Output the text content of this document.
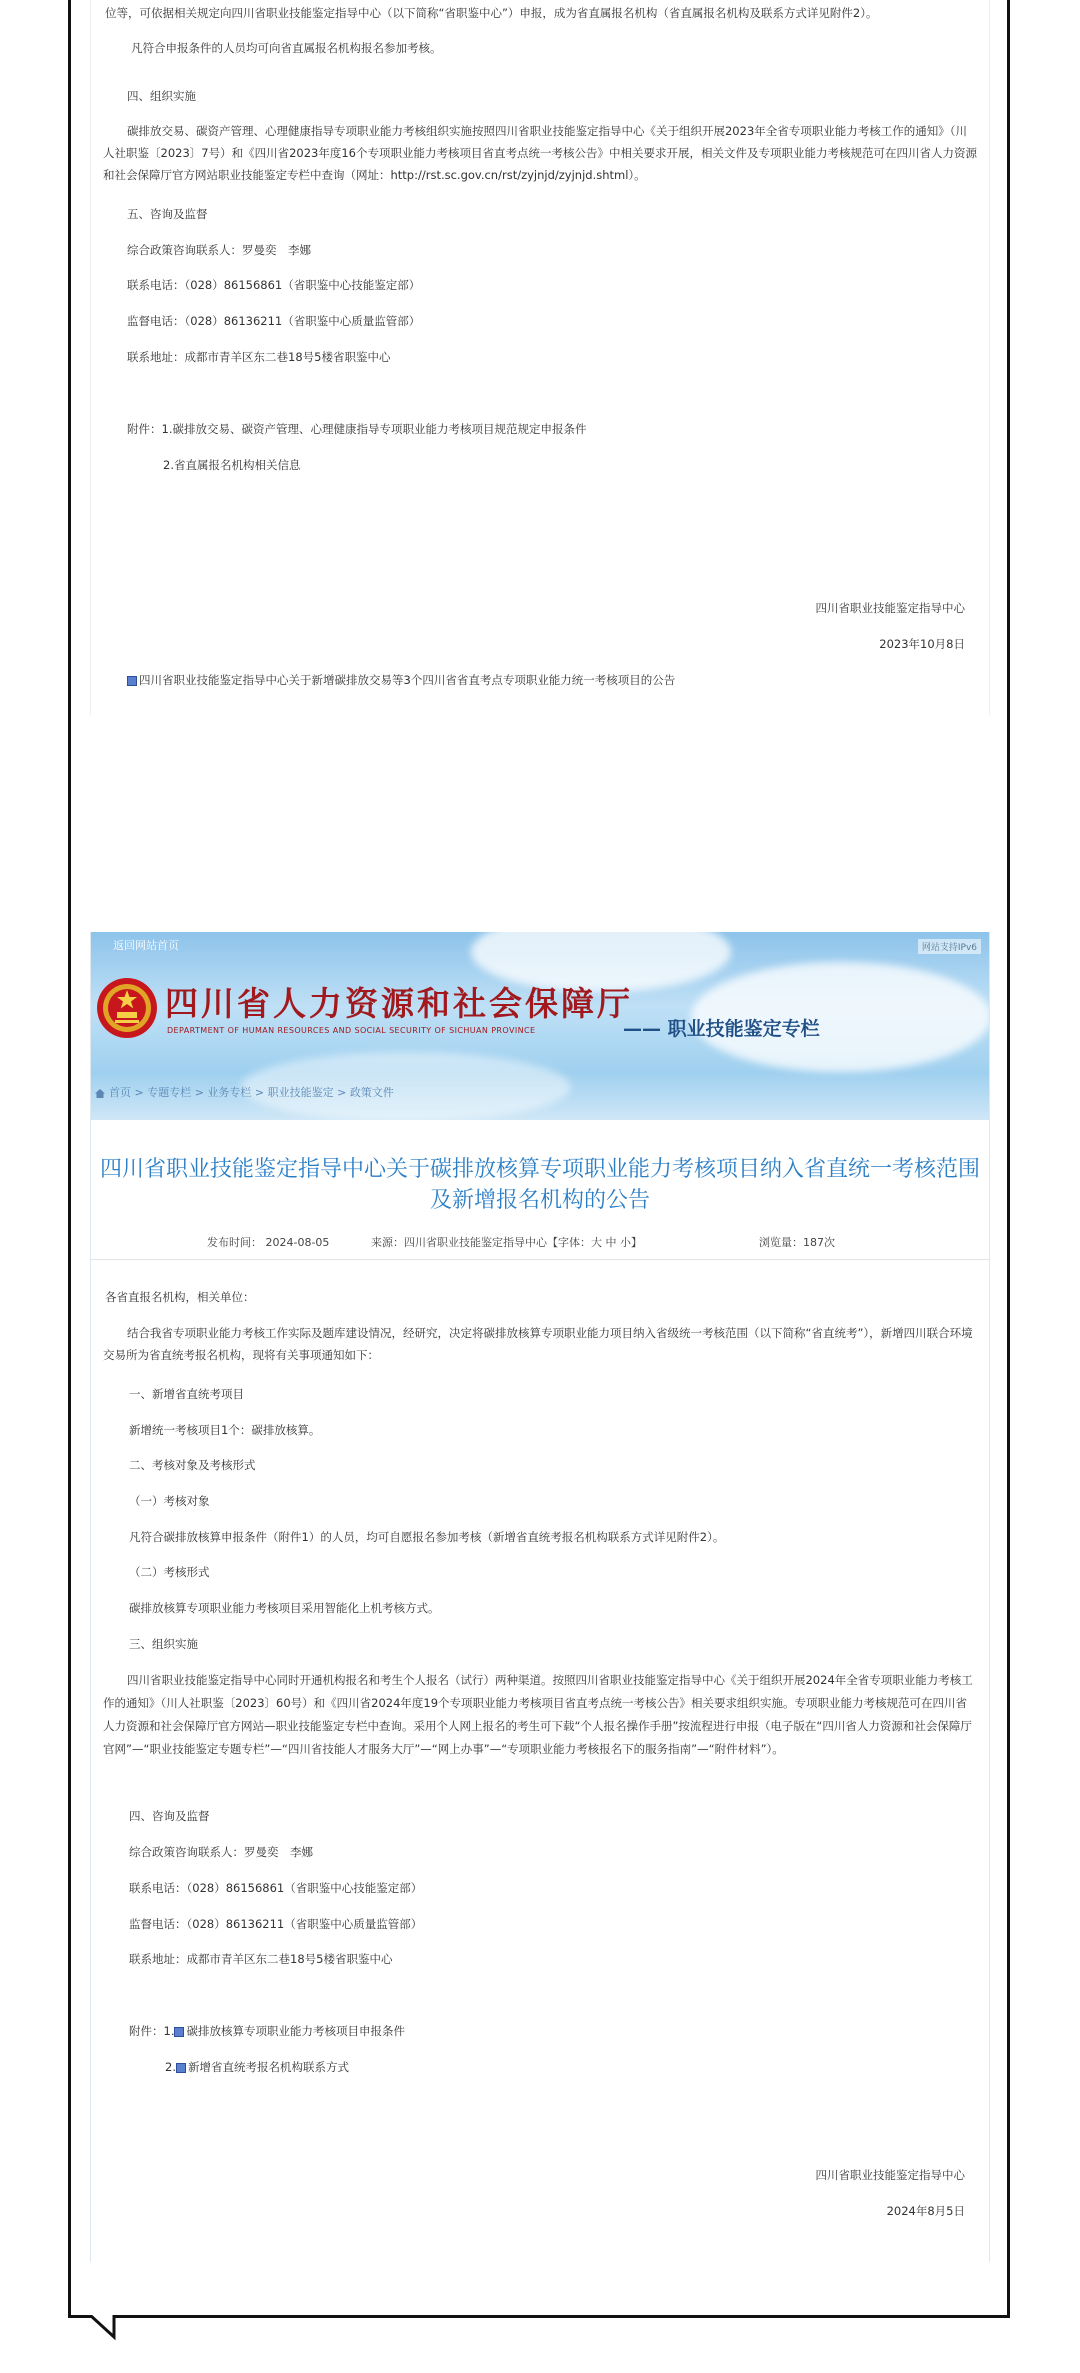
位等，可依据相关规定向四川省职业技能鉴定指导中心（以下简称“省职鉴中心”）申报，成为省直属报名机构（省直属报名机构及联系方式详见附件2）。
凡符合申报条件的人员均可向省直属报名机构报名参加考核。
四、组织实施
碳排放交易、碳资产管理、心理健康指导专项职业能力考核组织实施按照四川省职业技能鉴定指导中心《关于组织开展2023年全省专项职业能力考核工作的通知》（川人社职鉴〔2023〕7号）和《四川省2023年度16个专项职业能力考核项目省直考点统一考核公告》中相关要求开展，相关文件及专项职业能力考核规范可在四川省人力资源和社会保障厅官方网站职业技能鉴定专栏中查询（网址：http://rst.sc.gov.cn/rst/zyjnjd/zyjnjd.shtml）。
五、咨询及监督
综合政策咨询联系人：罗曼奕　李娜
联系电话：（028）86156861（省职鉴中心技能鉴定部）
监督电话：（028）86136211（省职鉴中心质量监管部）
联系地址：成都市青羊区东二巷18号5楼省职鉴中心
附件：1.碳排放交易、碳资产管理、心理健康指导专项职业能力考核项目规范规定申报条件
2.省直属报名机构相关信息
四川省职业技能鉴定指导中心
2023年10月8日
四川省职业技能鉴定指导中心关于新增碳排放交易等3个四川省省直考点专项职业能力统一考核项目的公告
返回网站首页	网站支持IPv6
四川省人力资源和社会保障厅
DEPARTMENT OF HUMAN RESOURCES AND SOCIAL SECURITY OF SICHUAN PROVINCE	—— 职业技能鉴定专栏
首页 > 专题专栏 > 业务专栏 > 职业技能鉴定 > 政策文件
四川省职业技能鉴定指导中心关于碳排放核算专项职业能力考核项目纳入省直统一考核范围及新增报名机构的公告
发布时间： 2024-08-05	来源：四川省职业技能鉴定指导中心【字体：大 中 小】	浏览量：187次
各省直报名机构，相关单位：
结合我省专项职业能力考核工作实际及题库建设情况，经研究，决定将碳排放核算专项职业能力项目纳入省级统一考核范围（以下简称“省直统考”），新增四川联合环境交易所为省直统考报名机构，现将有关事项通知如下：
一、新增省直统考项目
新增统一考核项目1个：碳排放核算。
二、考核对象及考核形式
（一）考核对象
凡符合碳排放核算申报条件（附件1）的人员，均可自愿报名参加考核（新增省直统考报名机构联系方式详见附件2）。
（二）考核形式
碳排放核算专项职业能力考核项目采用智能化上机考核方式。
三、组织实施
四川省职业技能鉴定指导中心同时开通机构报名和考生个人报名（试行）两种渠道。按照四川省职业技能鉴定指导中心《关于组织开展2024年全省专项职业能力考核工作的通知》（川人社职鉴〔2023〕60号）和《四川省2024年度19个专项职业能力考核项目省直考点统一考核公告》相关要求组织实施。专项职业能力考核规范可在四川省人力资源和社会保障厅官方网站—职业技能鉴定专栏中查询。采用个人网上报名的考生可下载“个人报名操作手册”按流程进行申报（电子版在“四川省人力资源和社会保障厅官网”—“职业技能鉴定专题专栏”—“四川省技能人才服务大厅”—“网上办事”—“专项职业能力考核报名下的服务指南”—“附件材料”）。
四、咨询及监督
综合政策咨询联系人：罗曼奕　李娜
联系电话：（028）86156861（省职鉴中心技能鉴定部）
监督电话：（028）86136211（省职鉴中心质量监管部）
联系地址：成都市青羊区东二巷18号5楼省职鉴中心
附件：1. 碳排放核算专项职业能力考核项目申报条件
2. 新增省直统考报名机构联系方式
四川省职业技能鉴定指导中心
2024年8月5日
